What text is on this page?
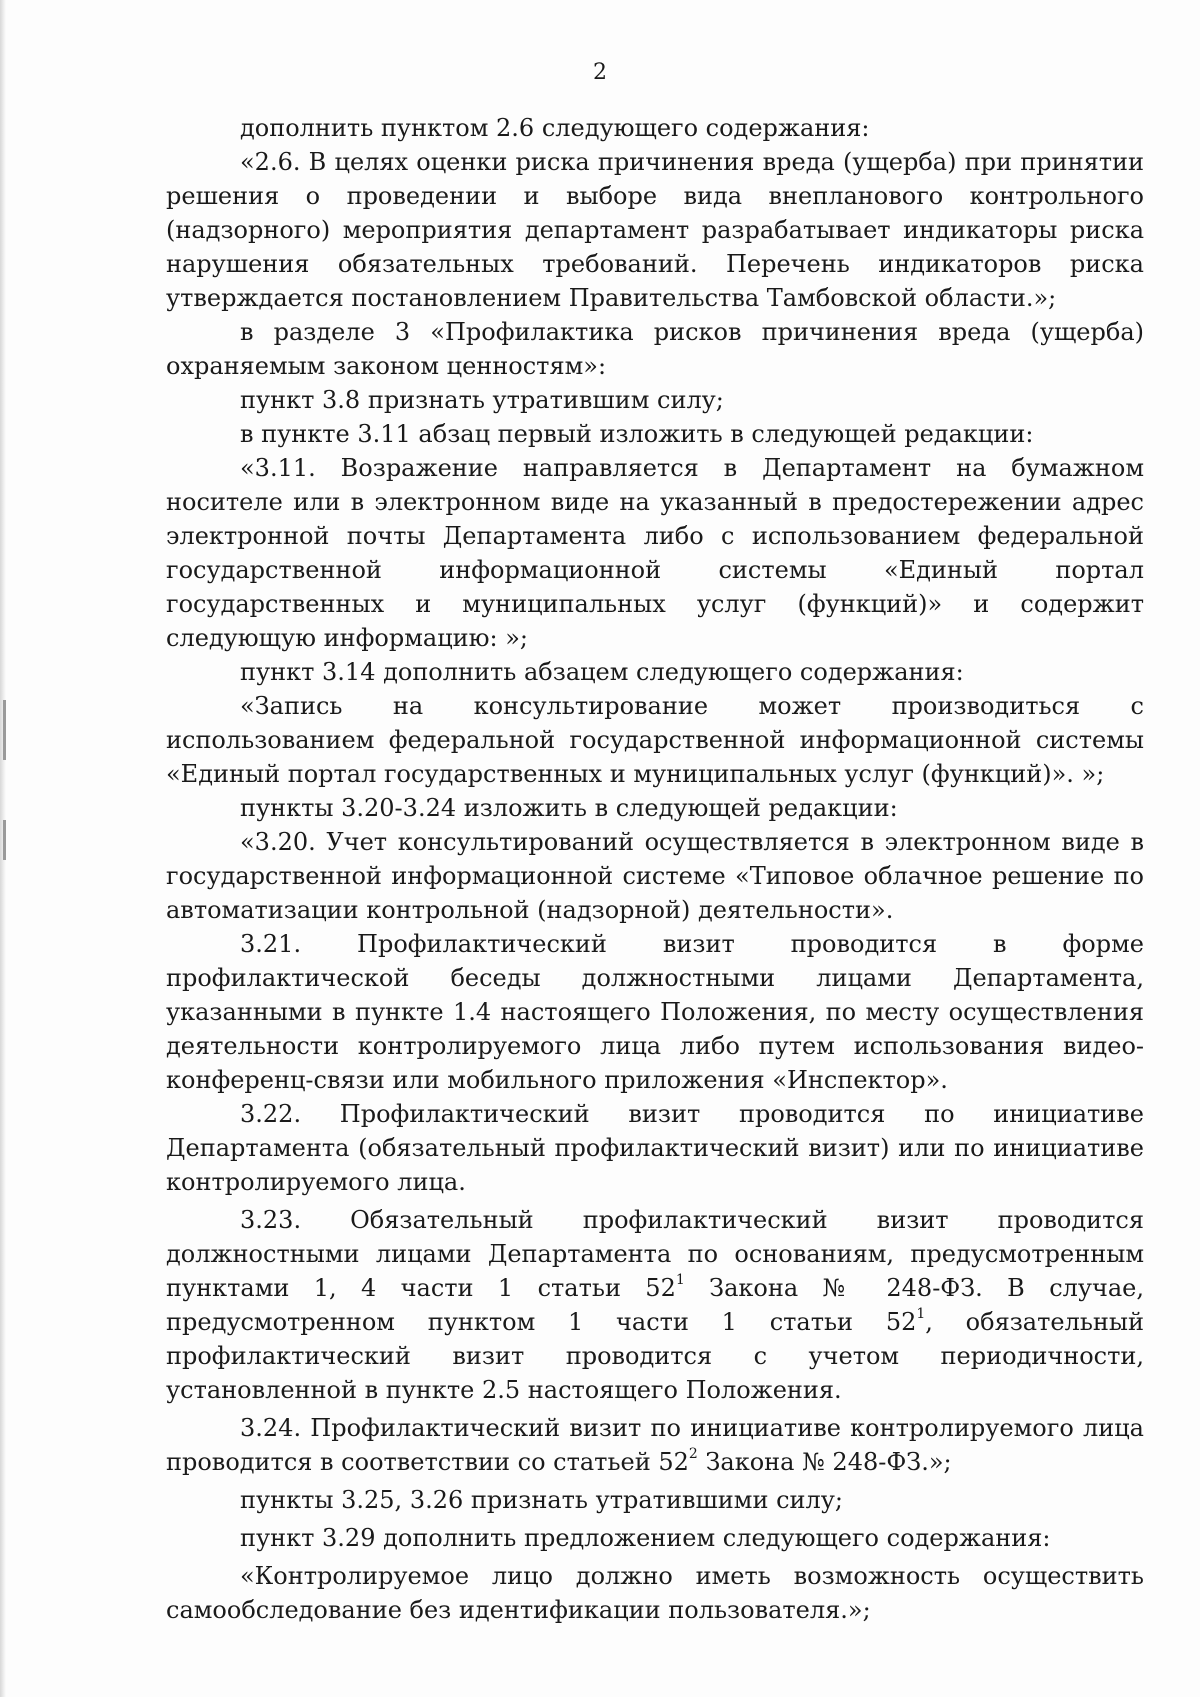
2

дополнить пунктом 2.6 следующего содержания:

«2.6. В целях оценки риска причинения вреда (ущерба) при принятии решения о проведении и выборе вида внепланового контрольного (надзорного) мероприятия департамент разрабатывает индикаторы риска нарушения обязательных требований. Перечень индикаторов риска утверждается постановлением Правительства Тамбовской области.»;

в разделе 3 «Профилактика рисков причинения вреда (ущерба) охраняемым законом ценностям»:

пункт 3.8 признать утратившим силу;

в пункте 3.11 абзац первый изложить в следующей редакции:

«3.11. Возражение направляется в Департамент на бумажном носителе или в электронном виде на указанный в предостережении адрес электронной почты Департамента либо с использованием федеральной государственной информационной системы «Единый портал государственных и муниципальных услуг (функций)» и содержит следующую информацию: »;

пункт 3.14 дополнить абзацем следующего содержания:

«Запись на консультирование может производиться с использованием федеральной государственной информационной системы «Единый портал государственных и муниципальных услуг (функций)». »;

пункты 3.20-3.24 изложить в следующей редакции:

«3.20. Учет консультирований осуществляется в электронном виде в государственной информационной системе «Типовое облачное решение по автоматизации контрольной (надзорной) деятельности».

3.21. Профилактический визит проводится в форме профилактической беседы должностными лицами Департамента, указанными в пункте 1.4 настоящего Положения, по месту осуществления деятельности контролируемого лица либо путем использования видео-конференц-связи или мобильного приложения «Инспектор».

3.22. Профилактический визит проводится по инициативе Департамента (обязательный профилактический визит) или по инициативе контролируемого лица.

3.23. Обязательный профилактический визит проводится должностными лицами Департамента по основаниям, предусмотренным пунктами 1, 4 части 1 статьи $52^1$ Закона № 248-ФЗ. В случае, предусмотренном пунктом 1 части 1 статьи $52^1$, обязательный профилактический визит проводится с учетом периодичности, установленной в пункте 2.5 настоящего Положения.

3.24. Профилактический визит по инициативе контролируемого лица проводится в соответствии со статьей $52^2$ Закона № 248-ФЗ.»;

пункты 3.25, 3.26 признать утратившими силу;

пункт 3.29 дополнить предложением следующего содержания:

«Контролируемое лицо должно иметь возможность осуществить самообследование без идентификации пользователя.»;
